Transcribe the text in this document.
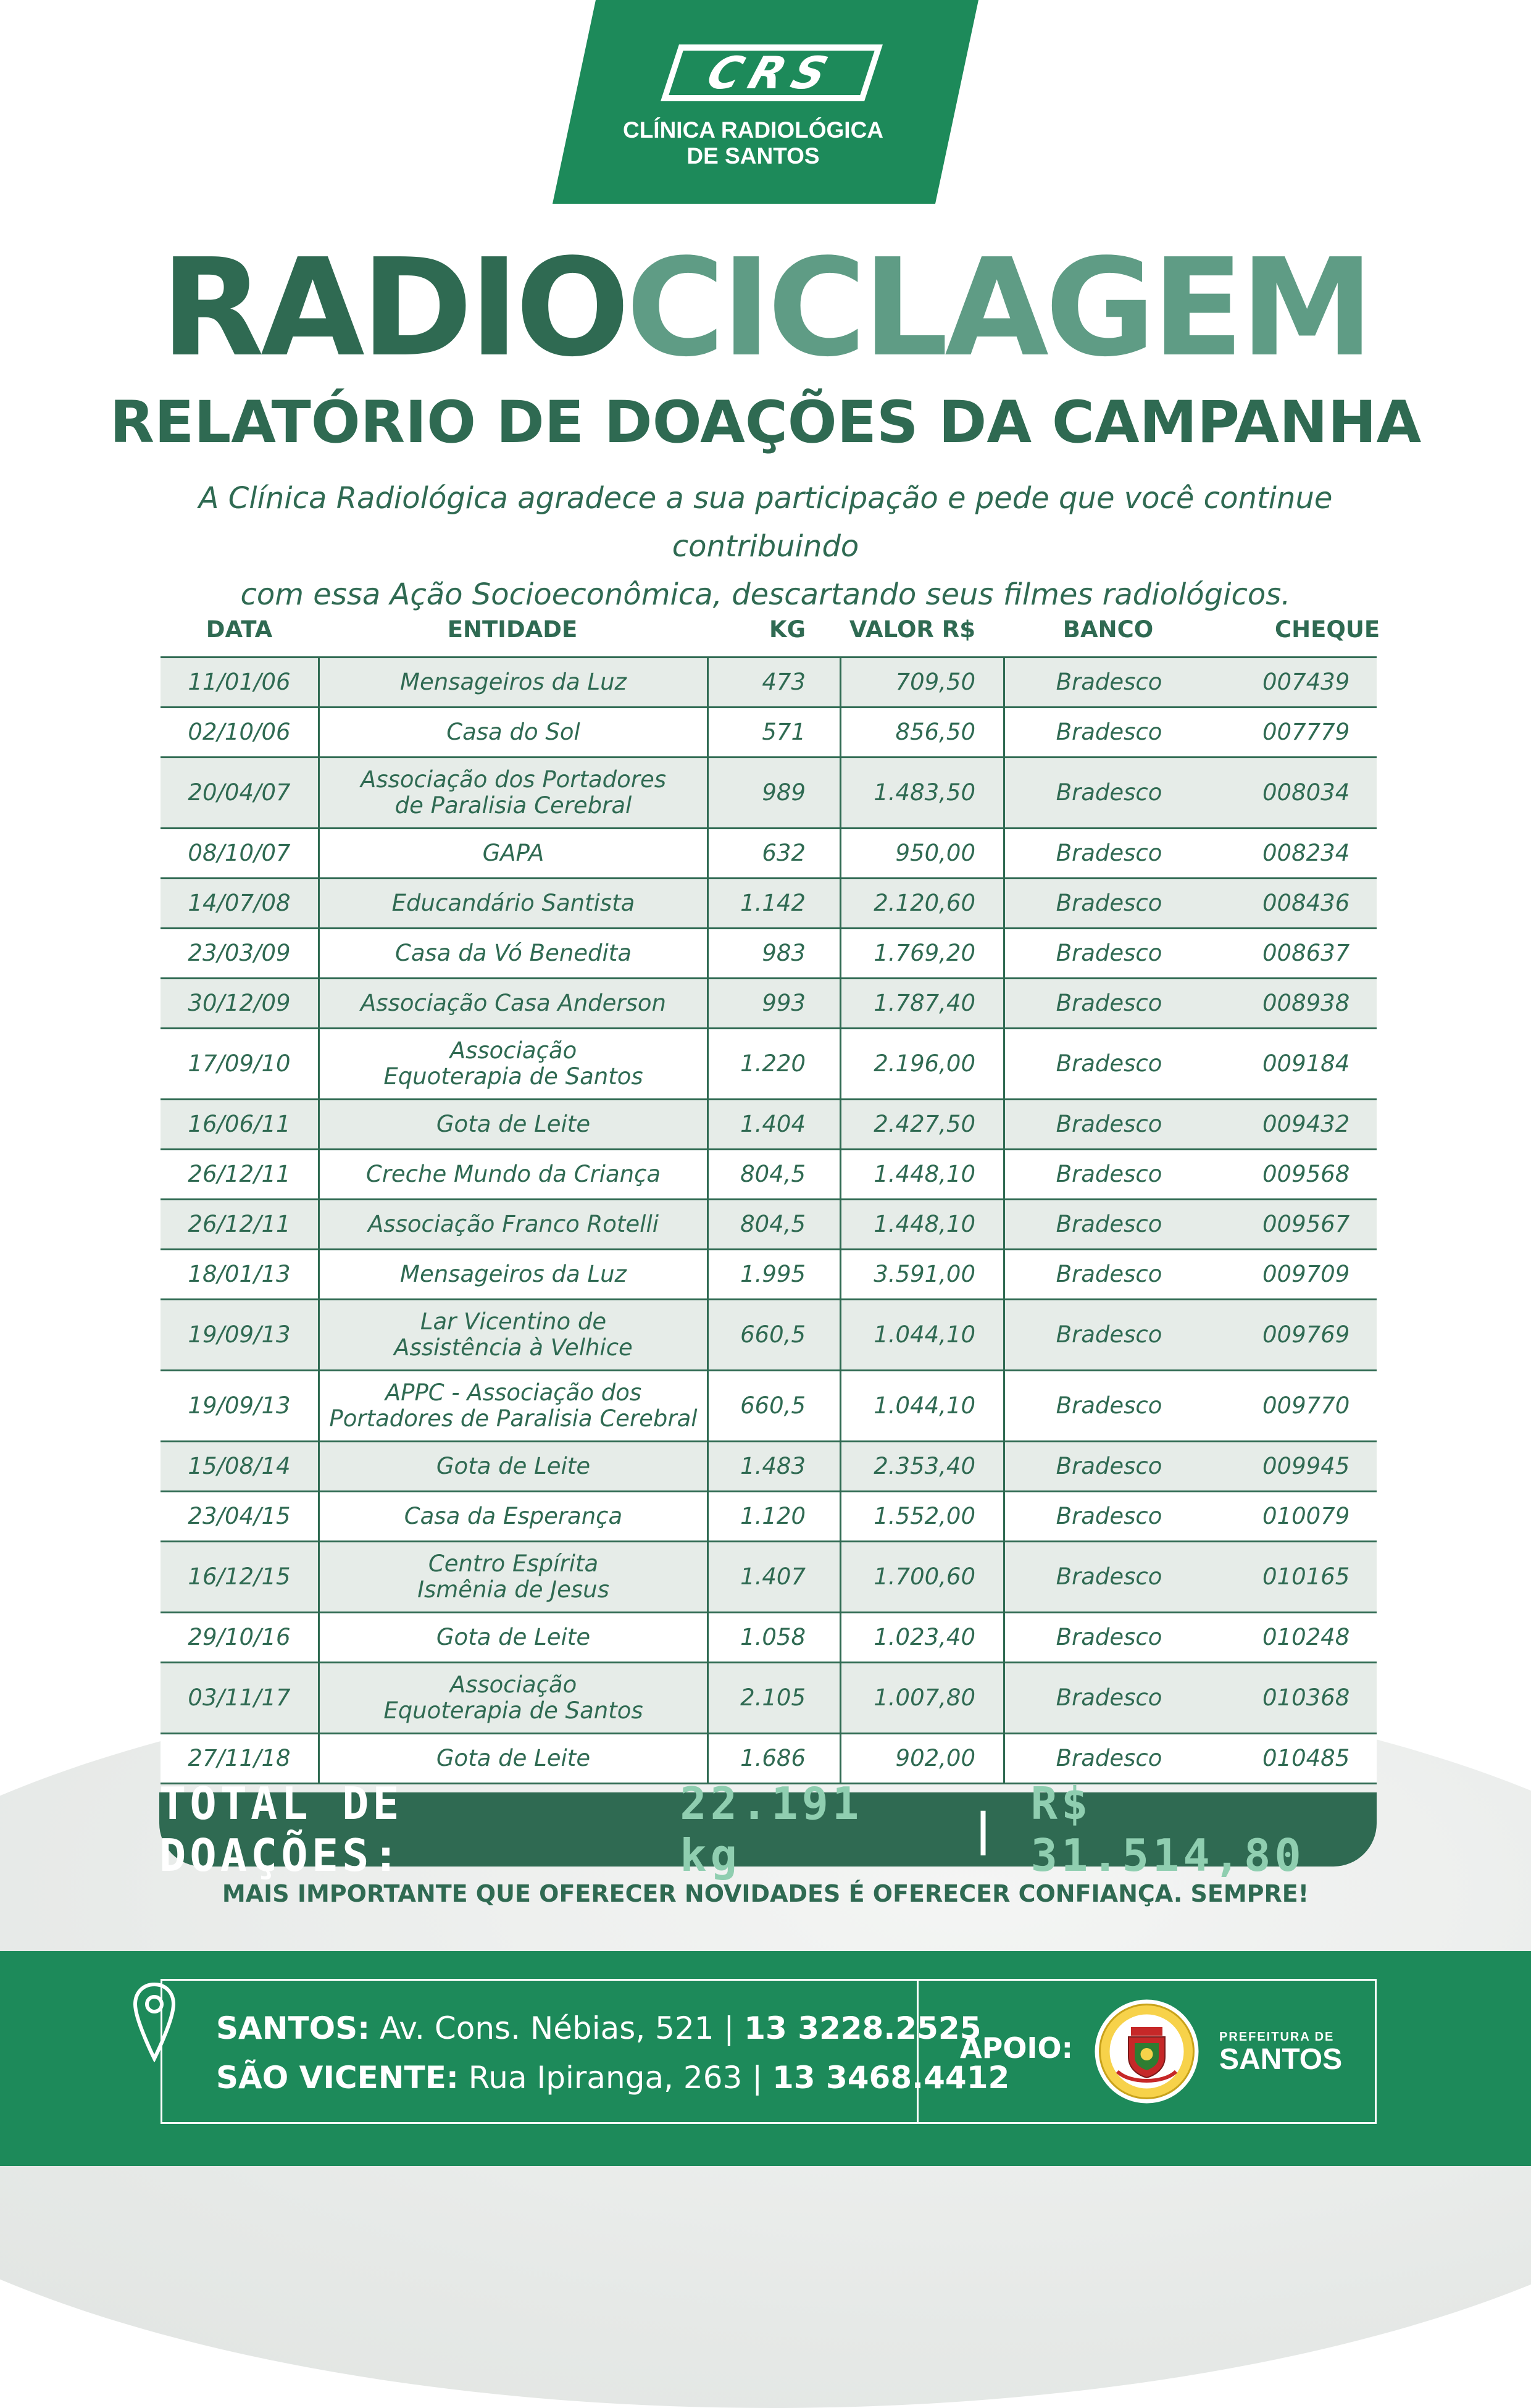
CRS
CLÍNICA RADIOLÓGICA
DE SANTOS
RADIOCICLAGEM
RELATÓRIO DE DOAÇÕES DA CAMPANHA
A Clínica Radiológica agradece a sua participação e pede que você continue contribuindo
com essa Ação Socioeconômica, descartando seus filmes radiológicos.
DATA	ENTIDADE	KG	VALOR R$	BANCO	CHEQUE
11/01/06	Mensageiros da Luz	473	709,50	Bradesco	007439
02/10/06	Casa do Sol	571	856,50	Bradesco	007779
20/04/07	Associação dos Portadores
de Paralisia Cerebral	989	1.483,50	Bradesco	008034
08/10/07	GAPA	632	950,00	Bradesco	008234
14/07/08	Educandário Santista	1.142	2.120,60	Bradesco	008436
23/03/09	Casa da Vó Benedita	983	1.769,20	Bradesco	008637
30/12/09	Associação Casa Anderson	993	1.787,40	Bradesco	008938
17/09/10	Associação
Equoterapia de Santos	1.220	2.196,00	Bradesco	009184
16/06/11	Gota de Leite	1.404	2.427,50	Bradesco	009432
26/12/11	Creche Mundo da Criança	804,5	1.448,10	Bradesco	009568
26/12/11	Associação Franco Rotelli	804,5	1.448,10	Bradesco	009567
18/01/13	Mensageiros da Luz	1.995	3.591,00	Bradesco	009709
19/09/13	Lar Vicentino de
Assistência à Velhice	660,5	1.044,10	Bradesco	009769
19/09/13	APPC - Associação dos
Portadores de Paralisia Cerebral	660,5	1.044,10	Bradesco	009770
15/08/14	Gota de Leite	1.483	2.353,40	Bradesco	009945
23/04/15	Casa da Esperança	1.120	1.552,00	Bradesco	010079
16/12/15	Centro Espírita
Ismênia de Jesus	1.407	1.700,60	Bradesco	010165
29/10/16	Gota de Leite	1.058	1.023,40	Bradesco	010248
03/11/17	Associação
Equoterapia de Santos	2.105	1.007,80	Bradesco	010368
27/11/18	Gota de Leite	1.686	902,00	Bradesco	010485
TOTAL DE DOAÇÕES:

22.191 kg
	|
R$ 31.514,80
MAIS IMPORTANTE QUE OFERECER NOVIDADES É OFERECER CONFIANÇA. SEMPRE!
SANTOS: Av. Cons. Nébias, 521 | 13 3228.2525
SÃO VICENTE: Rua Ipiranga, 263 | 13 3468.4412
APOIO:	PREFEITURA DE
SANTOS
